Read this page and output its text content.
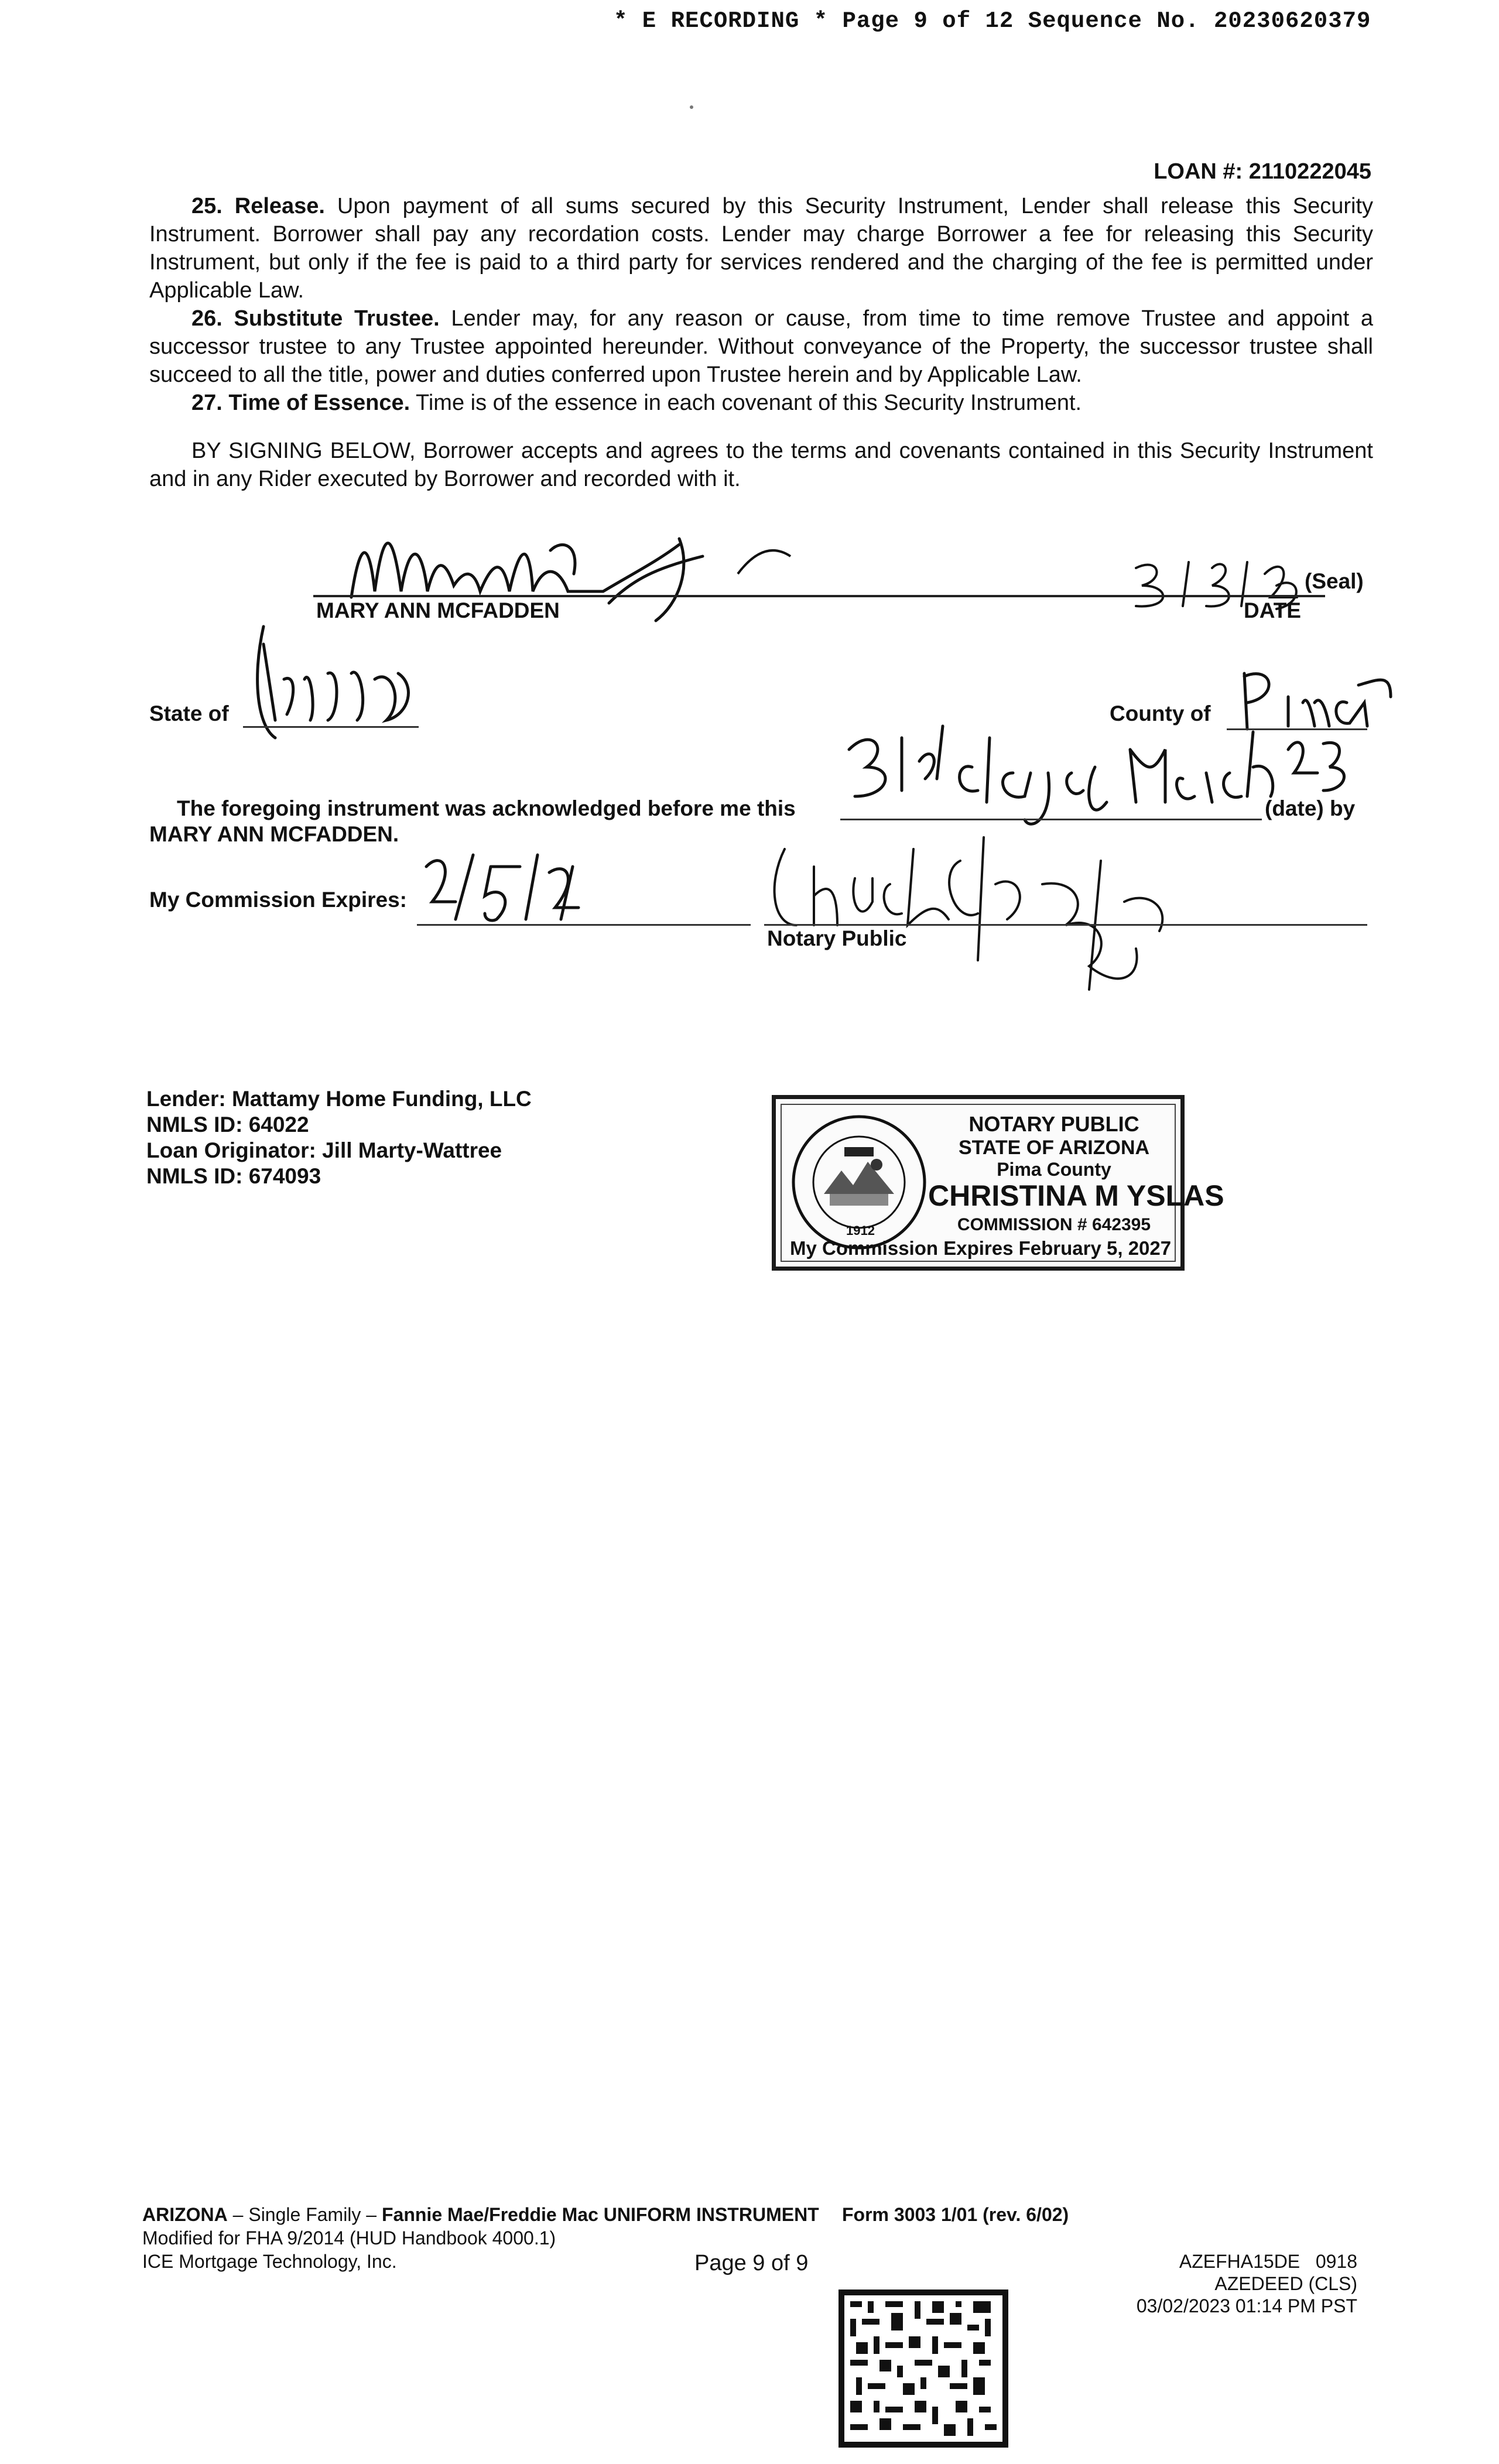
* E RECORDING * Page 9 of 12 Sequence No. 20230620379
LOAN #: 2110222045

25. Release. Upon payment of all sums secured by this Security Instrument, Lender shall release this Security Instrument. Borrower shall pay any recordation costs. Lender may charge Borrower a fee for releasing this Security Instrument, but only if the fee is paid to a third party for services rendered and the charging of the fee is permitted under Applicable Law.

26. Substitute Trustee. Lender may, for any reason or cause, from time to time remove Trustee and appoint a successor trustee to any Trustee appointed hereunder. Without conveyance of the Property, the successor trustee shall succeed to all the title, power and duties conferred upon Trustee herein and by Applicable Law.

27. Time of Essence. Time is of the essence in each covenant of this Security Instrument.

BY SIGNING BELOW, Borrower accepts and agrees to the terms and covenants contained in this Security Instrument and in any Rider executed by Borrower and recorded with it.

MARY ANN MCFADDEN
(Seal)
DATE
State of	County of
The foregoing instrument was acknowledged before me this	(date) by
MARY ANN MCFADDEN.
My Commission Expires:
Notary Public
Lender: Mattamy Home Funding, LLC
NMLS ID: 64022
Loan Originator: Jill Marty-Wattree
NMLS ID: 674093
1912
NOTARY PUBLIC
STATE OF ARIZONA
Pima County
CHRISTINA M YSLAS
COMMISSION # 642395
My Commission Expires February 5, 2027
ARIZONA – Single Family – Fannie Mae/Freddie Mac UNIFORM INSTRUMENT Form 3003 1/01 (rev. 6/02)
Modified for FHA 9/2014 (HUD Handbook 4000.1)
ICE Mortgage Technology, Inc.	Page 9 of 9	AZEFHA15DE   0918
AZEDEED (CLS)
03/02/2023 01:14 PM PST
